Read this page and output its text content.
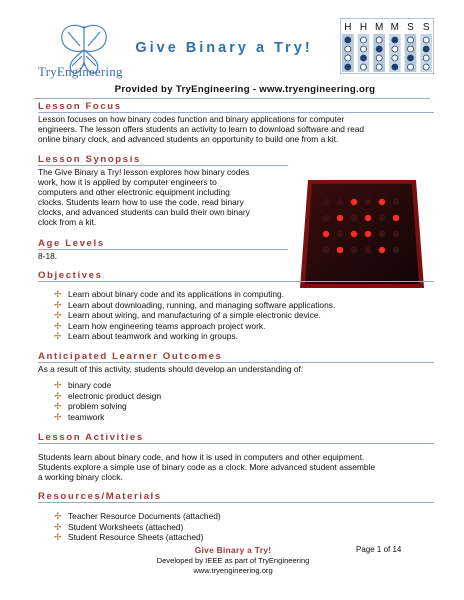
TryEngineering
Give Binary a Try!
H H M M S S
Provided by TryEngineering - www.tryengineering.org
Lesson Focus
Lesson focuses on how binary codes function and binary applications for computer
engineers. The lesson offers students an activity to learn to download software and read
online binary clock, and advanced students an opportunity to build one from a kit.
Lesson Synopsis
The Give Binary a Try! lesson explores how binary codes
work, how it is applied by computer engineers to
computers and other electronic equipment including
clocks. Students learn how to use the code, read binary
clocks, and advanced students can build their own binary
clock from a kit.
Age Levels
8-18.
Objectives
✢ Learn about binary code and its applications in computing.
✢ Learn about downloading, running, and managing software applications.
✢ Learn about wiring, and manufacturing of a simple electronic device.
✢ Learn how engineering teams approach project work.
✢ Learn about teamwork and working in groups.
Anticipated Learner Outcomes
As a result of this activity, students should develop an understanding of:
✢ binary code
✢ electronic product design
✢ problem solving
✢ teamwork
Lesson Activities
Students learn about binary code, and how it is used in computers and other equipment.
Students explore a simple use of binary code as a clock. More advanced student assemble
a working binary clock.
Resources/Materials
✢ Teacher Resource Documents (attached)
✢ Student Worksheets (attached)
✢ Student Resource Sheets (attached)
Give Binary a Try!	Page 1 of 14
Developed by IEEE as part of TryEngineering
www.tryengineering.org
